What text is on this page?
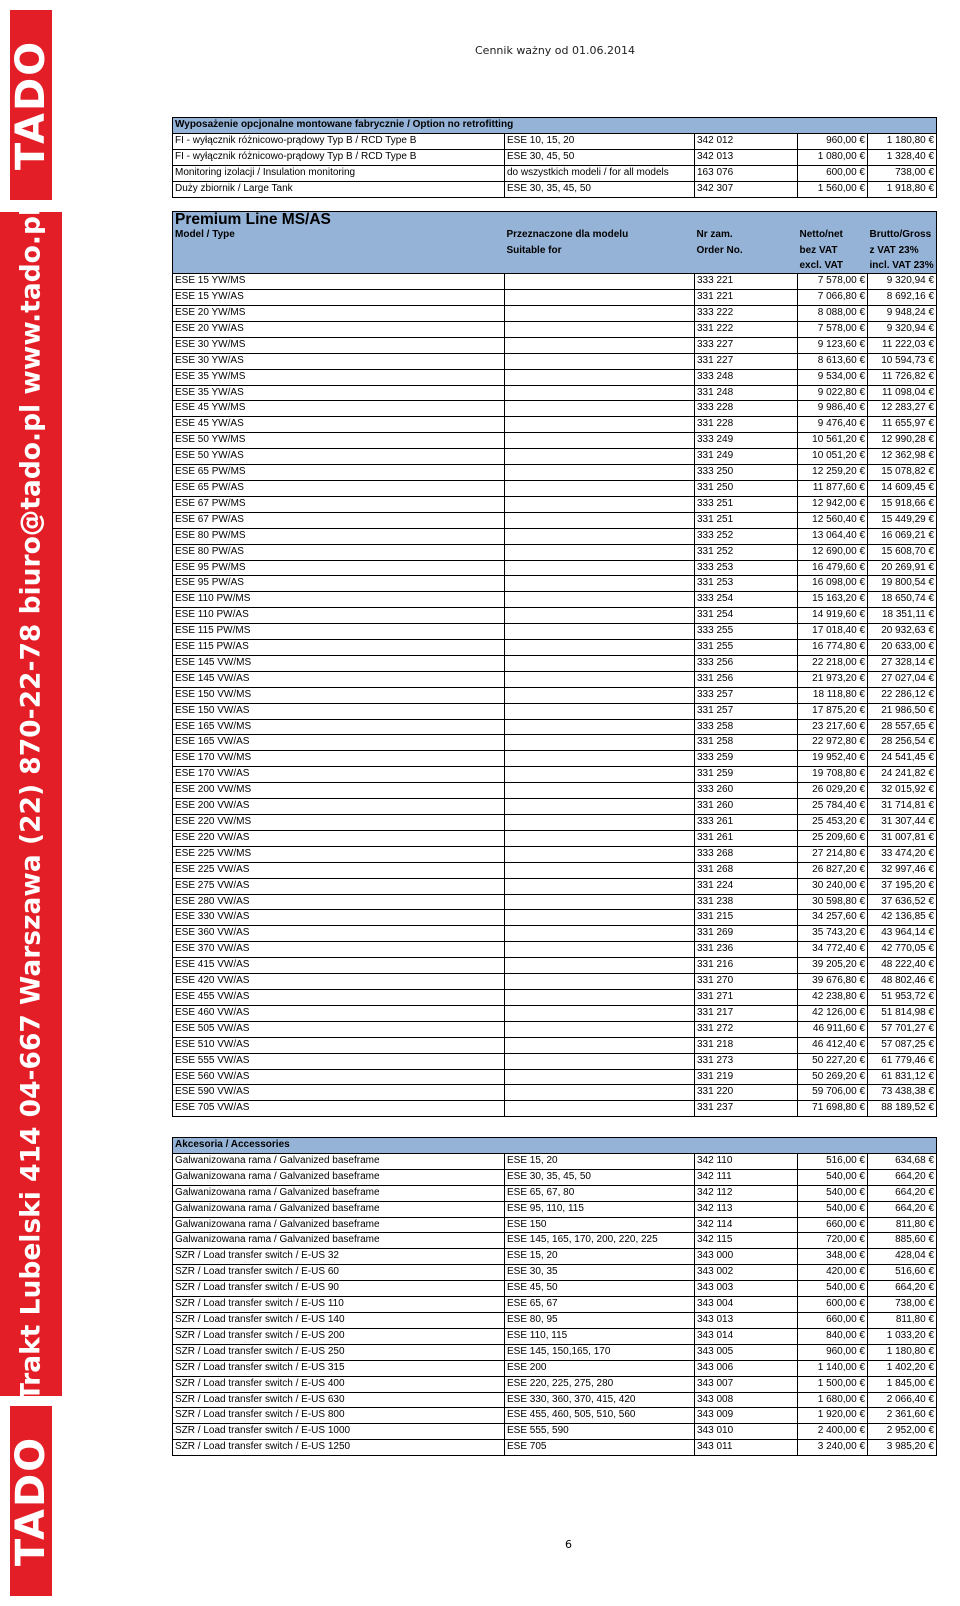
TADO
Trakt Lubelski 414 04-667 Warszawa (22) 870-22-78 biuro@tado.pl www.tado.pl
TADO
Cennik ważny od 01.06.2014
Wyposażenie opcjonalne montowane fabrycznie / Option no retrofitting				
FI - wyłącznik różnicowo-prądowy Typ B / RCD Type B	ESE 10, 15, 20	342 012	960,00 €	1 180,80 €
FI - wyłącznik różnicowo-prądowy Typ B / RCD Type B	ESE 30, 45, 50	342 013	1 080,00 €	1 328,40 €
Monitoring izolacji / Insulation monitoring	do wszystkich modeli / for all models	163 076	600,00 €	738,00 €
Duży zbiornik / Large Tank	ESE 30, 35, 45, 50	342 307	1 560,00 €	1 918,80 €
Premium Line MS/AS				
Model / Type	Przeznaczone dla modelu	Nr zam.	Netto/net	Brutto/Gross
	Suitable for	Order No.	bez VAT	z VAT 23%
			excl. VAT	incl. VAT 23%
ESE 15 YW/MS		333 221	7 578,00 €	9 320,94 €
ESE 15 YW/AS		331 221	7 066,80 €	8 692,16 €
ESE 20 YW/MS		333 222	8 088,00 €	9 948,24 €
ESE 20 YW/AS		331 222	7 578,00 €	9 320,94 €
ESE 30 YW/MS		333 227	9 123,60 €	11 222,03 €
ESE 30 YW/AS		331 227	8 613,60 €	10 594,73 €
ESE 35 YW/MS		333 248	9 534,00 €	11 726,82 €
ESE 35 YW/AS		331 248	9 022,80 €	11 098,04 €
ESE 45 YW/MS		333 228	9 986,40 €	12 283,27 €
ESE 45 YW/AS		331 228	9 476,40 €	11 655,97 €
ESE 50 YW/MS		333 249	10 561,20 €	12 990,28 €
ESE 50 YW/AS		331 249	10 051,20 €	12 362,98 €
ESE 65 PW/MS		333 250	12 259,20 €	15 078,82 €
ESE 65 PW/AS		331 250	11 877,60 €	14 609,45 €
ESE 67 PW/MS		333 251	12 942,00 €	15 918,66 €
ESE 67 PW/AS		331 251	12 560,40 €	15 449,29 €
ESE 80 PW/MS		333 252	13 064,40 €	16 069,21 €
ESE 80 PW/AS		331 252	12 690,00 €	15 608,70 €
ESE 95 PW/MS		333 253	16 479,60 €	20 269,91 €
ESE 95 PW/AS		331 253	16 098,00 €	19 800,54 €
ESE 110 PW/MS		333 254	15 163,20 €	18 650,74 €
ESE 110 PW/AS		331 254	14 919,60 €	18 351,11 €
ESE 115 PW/MS		333 255	17 018,40 €	20 932,63 €
ESE 115 PW/AS		331 255	16 774,80 €	20 633,00 €
ESE 145 VW/MS		333 256	22 218,00 €	27 328,14 €
ESE 145 VW/AS		331 256	21 973,20 €	27 027,04 €
ESE 150 VW/MS		333 257	18 118,80 €	22 286,12 €
ESE 150 VW/AS		331 257	17 875,20 €	21 986,50 €
ESE 165 VW/MS		333 258	23 217,60 €	28 557,65 €
ESE 165 VW/AS		331 258	22 972,80 €	28 256,54 €
ESE 170 VW/MS		333 259	19 952,40 €	24 541,45 €
ESE 170 VW/AS		331 259	19 708,80 €	24 241,82 €
ESE 200 VW/MS		333 260	26 029,20 €	32 015,92 €
ESE 200 VW/AS		331 260	25 784,40 €	31 714,81 €
ESE 220 VW/MS		333 261	25 453,20 €	31 307,44 €
ESE 220 VW/AS		331 261	25 209,60 €	31 007,81 €
ESE 225 VW/MS		333 268	27 214,80 €	33 474,20 €
ESE 225 VW/AS		331 268	26 827,20 €	32 997,46 €
ESE 275 VW/AS		331 224	30 240,00 €	37 195,20 €
ESE 280 VW/AS		331 238	30 598,80 €	37 636,52 €
ESE 330 VW/AS		331 215	34 257,60 €	42 136,85 €
ESE 360 VW/AS		331 269	35 743,20 €	43 964,14 €
ESE 370 VW/AS		331 236	34 772,40 €	42 770,05 €
ESE 415 VW/AS		331 216	39 205,20 €	48 222,40 €
ESE 420 VW/AS		331 270	39 676,80 €	48 802,46 €
ESE 455 VW/AS		331 271	42 238,80 €	51 953,72 €
ESE 460 VW/AS		331 217	42 126,00 €	51 814,98 €
ESE 505 VW/AS		331 272	46 911,60 €	57 701,27 €
ESE 510 VW/AS		331 218	46 412,40 €	57 087,25 €
ESE 555 VW/AS		331 273	50 227,20 €	61 779,46 €
ESE 560 VW/AS		331 219	50 269,20 €	61 831,12 €
ESE 590 VW/AS		331 220	59 706,00 €	73 438,38 €
ESE 705 VW/AS		331 237	71 698,80 €	88 189,52 €
Akcesoria / Accessories				
Galwanizowana rama / Galvanized baseframe	ESE 15, 20	342 110	516,00 €	634,68 €
Galwanizowana rama / Galvanized baseframe	ESE 30, 35, 45, 50	342 111	540,00 €	664,20 €
Galwanizowana rama / Galvanized baseframe	ESE 65, 67, 80	342 112	540,00 €	664,20 €
Galwanizowana rama / Galvanized baseframe	ESE 95, 110, 115	342 113	540,00 €	664,20 €
Galwanizowana rama / Galvanized baseframe	ESE 150	342 114	660,00 €	811,80 €
Galwanizowana rama / Galvanized baseframe	ESE 145, 165, 170, 200, 220, 225	342 115	720,00 €	885,60 €
SZR / Load transfer switch / E-US 32	ESE 15, 20	343 000	348,00 €	428,04 €
SZR / Load transfer switch / E-US 60	ESE 30, 35	343 002	420,00 €	516,60 €
SZR / Load transfer switch / E-US 90	ESE 45, 50	343 003	540,00 €	664,20 €
SZR / Load transfer switch / E-US 110	ESE 65, 67	343 004	600,00 €	738,00 €
SZR / Load transfer switch / E-US 140	ESE 80, 95	343 013	660,00 €	811,80 €
SZR / Load transfer switch / E-US 200	ESE 110, 115	343 014	840,00 €	1 033,20 €
SZR / Load transfer switch / E-US 250	ESE 145, 150,165, 170	343 005	960,00 €	1 180,80 €
SZR / Load transfer switch / E-US 315	ESE 200	343 006	1 140,00 €	1 402,20 €
SZR / Load transfer switch / E-US 400	ESE 220, 225, 275, 280	343 007	1 500,00 €	1 845,00 €
SZR / Load transfer switch / E-US 630	ESE 330, 360, 370, 415, 420	343 008	1 680,00 €	2 066,40 €
SZR / Load transfer switch / E-US 800	ESE 455, 460, 505, 510, 560	343 009	1 920,00 €	2 361,60 €
SZR / Load transfer switch / E-US 1000	ESE 555, 590	343 010	2 400,00 €	2 952,00 €
SZR / Load transfer switch / E-US 1250	ESE 705	343 011	3 240,00 €	3 985,20 €
6
